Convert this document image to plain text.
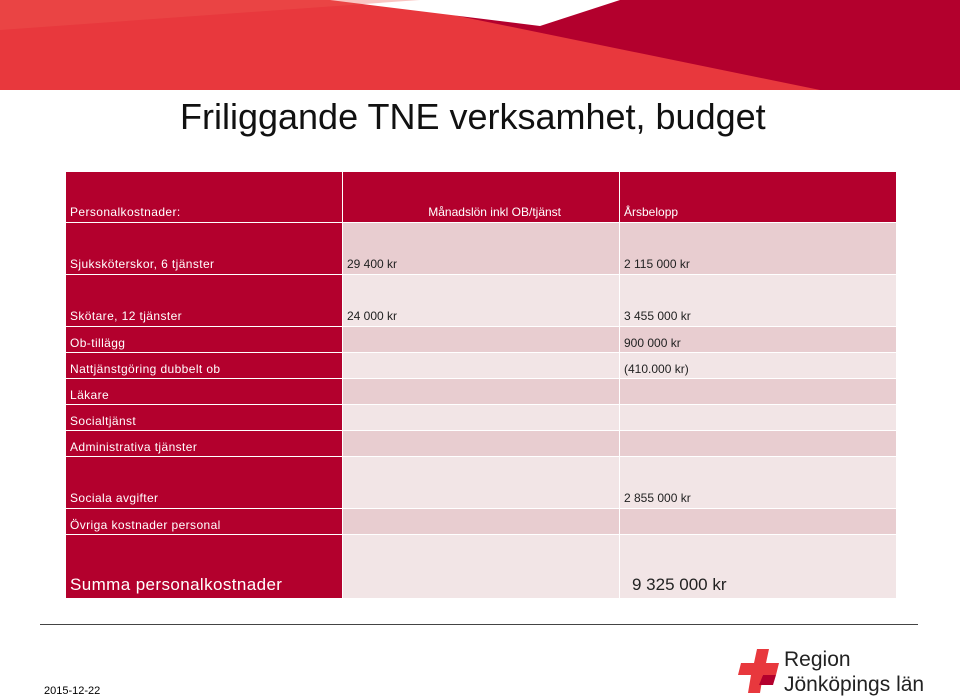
Friliggande TNE verksamhet, budget
Personalkostnader:	Månadslön inkl OB/tjänst	Årsbelopp
Sjuksköterskor, 6 tjänster	29 400 kr	2 115 000 kr
Skötare, 12 tjänster	24 000 kr	3 455 000 kr
Ob-tillägg		900 000 kr
Nattjänstgöring dubbelt ob		(410.000 kr)
Läkare		
Socialtjänst		
Administrativa tjänster		
Sociala avgifter		2 855 000 kr
Övriga kostnader personal		
Summa personalkostnader		9 325 000 kr
2015-12-22
Region
Jönköpings län
